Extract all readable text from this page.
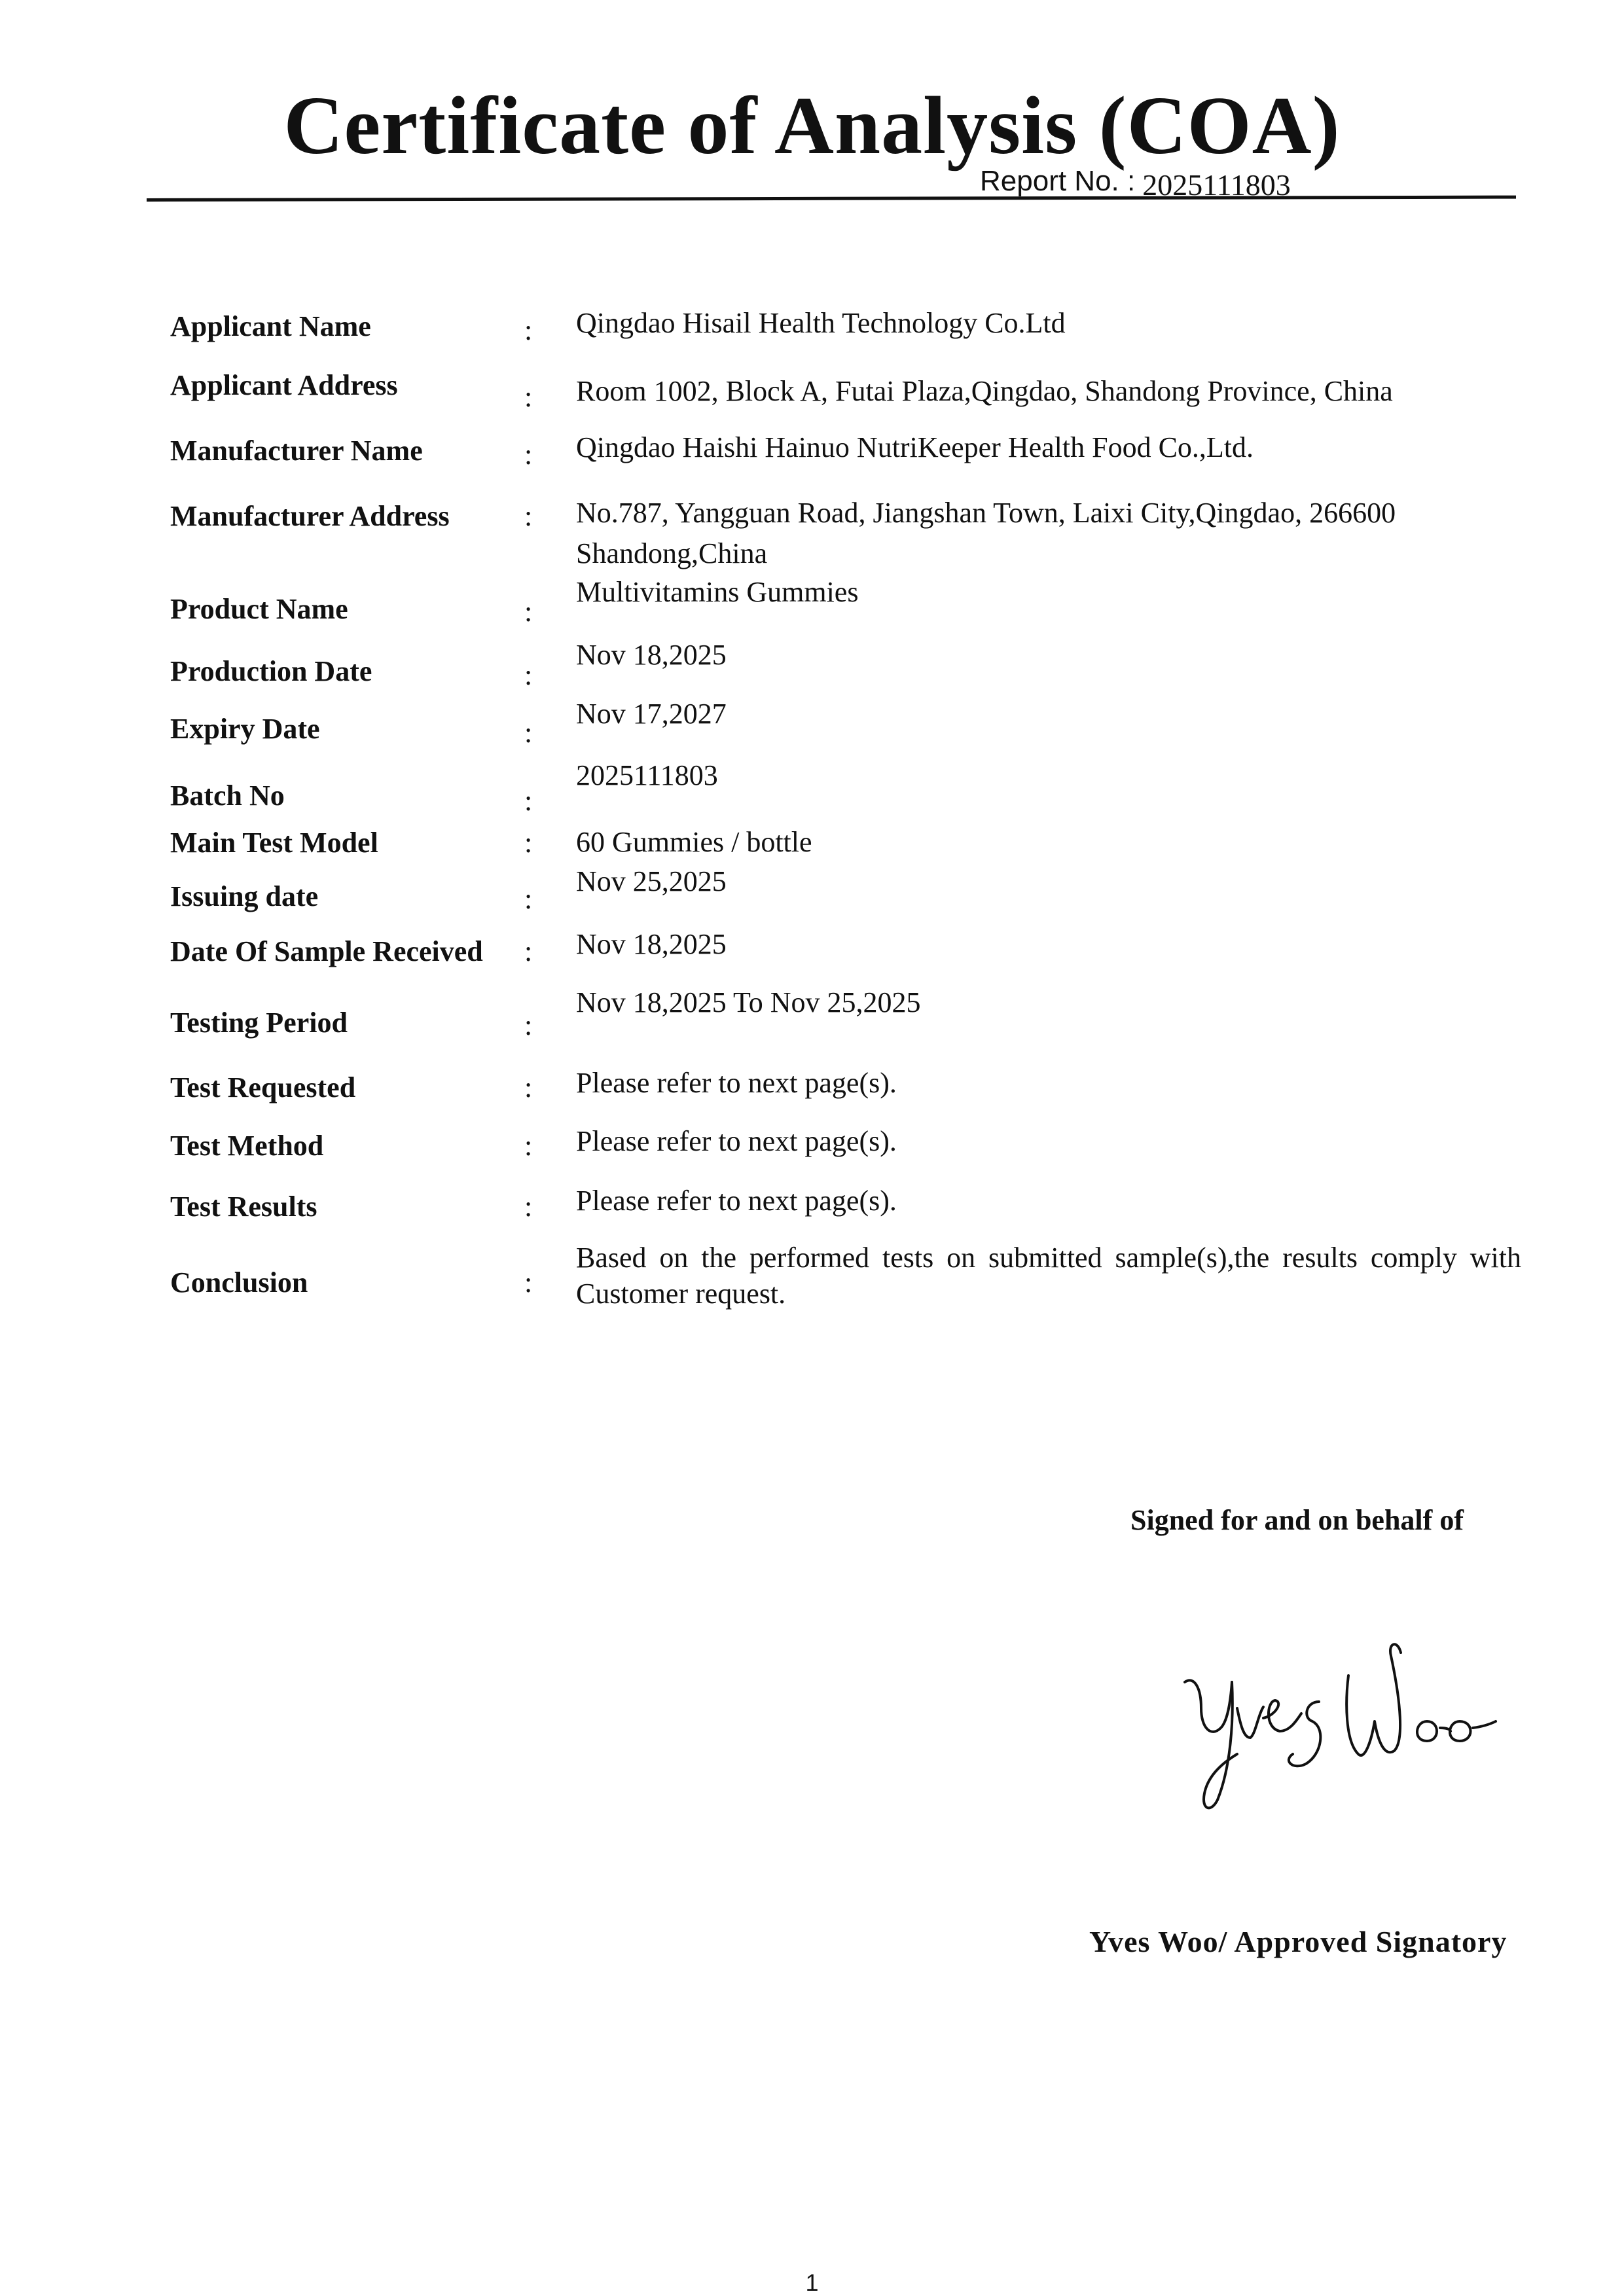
Certificate of Analysis (COA)
Report No. : 2025111803
Applicant Name	: Qingdao Hisail Health Technology Co.Ltd
Applicant Address	: Room 1002, Block A, Futai Plaza,Qingdao, Shandong Province, China
Manufacturer Name	: Qingdao Haishi Hainuo NutriKeeper Health Food Co.,Ltd.
Manufacturer Address	: No.787, Yangguan Road, Jiangshan Town, Laixi City,Qingdao, 266600
Shandong,China
Product Name	:
Multivitamins Gummies
Production Date	:
Nov 18,2025
Expiry Date	:
Nov 17,2027
Batch No	:
2025111803
Main Test Model	: 60 Gummies / bottle
Issuing date	:
Nov 25,2025
Date Of Sample Received : Nov 18,2025
Testing Period	:
Nov 18,2025 To Nov 25,2025
Test Requested	: Please refer to next page(s).
Test Method	: Please refer to next page(s).
Test Results	: Please refer to next page(s).
Conclusion	:
Based on the performed tests on submitted sample(s),the results comply with Customer request.
Signed for and on behalf of
Yves Woo/ Approved Signatory
1
